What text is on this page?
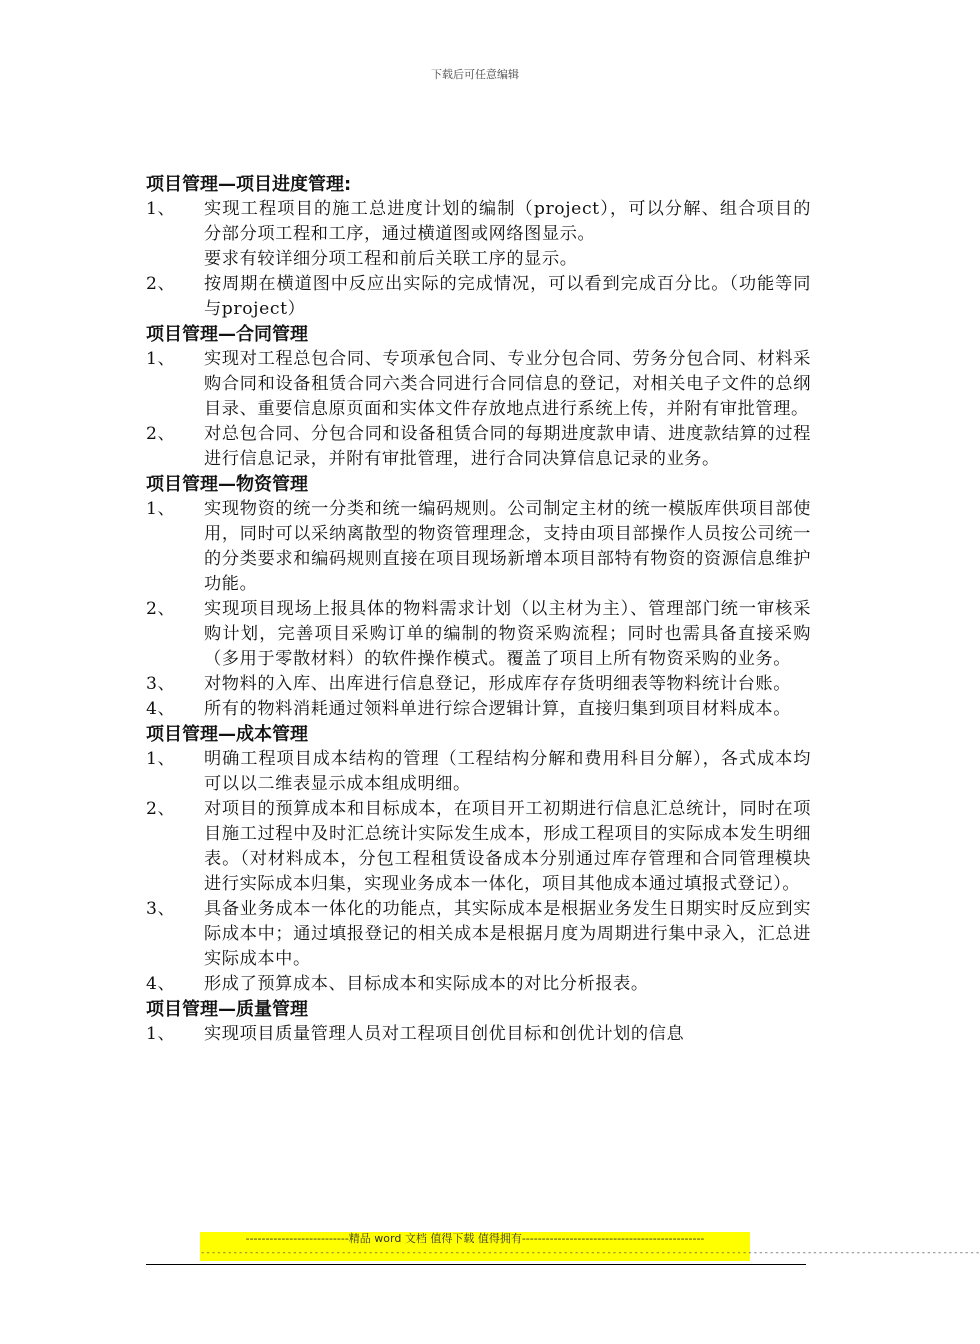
下载后可任意编辑
项目管理—项目进度管理:
1、	实现工程项目的施工总进度计划的编制（project），可以分解、组合项目的分部分项工程和工序，通过横道图或网络图显示。
要求有较详细分项工程和前后关联工序的显示。
2、	按周期在横道图中反应出实际的完成情况，可以看到完成百分比。（功能等同与project）
项目管理—合同管理
1、	实现对工程总包合同、专项承包合同、专业分包合同、劳务分包合同、材料采购合同和设备租赁合同六类合同进行合同信息的登记，对相关电子文件的总纲目录、重要信息原页面和实体文件存放地点进行系统上传，并附有审批管理。
2、	对总包合同、分包合同和设备租赁合同的每期进度款申请、进度款结算的过程进行信息记录，并附有审批管理，进行合同决算信息记录的业务。
项目管理—物资管理
1、	实现物资的统一分类和统一编码规则。公司制定主材的统一模版库供项目部使用，同时可以采纳离散型的物资管理理念，支持由项目部操作人员按公司统一的分类要求和编码规则直接在项目现场新增本项目部特有物资的资源信息维护功能。
2、	实现项目现场上报具体的物料需求计划（以主材为主）、管理部门统一审核采购计划，完善项目采购订单的编制的物资采购流程；同时也需具备直接采购（多用于零散材料）的软件操作模式。覆盖了项目上所有物资采购的业务。
3、	对物料的入库、出库进行信息登记，形成库存存货明细表等物料统计台账。
4、	所有的物料消耗通过领料单进行综合逻辑计算，直接归集到项目材料成本。
项目管理—成本管理
1、	明确工程项目成本结构的管理（工程结构分解和费用科目分解），各式成本均可以以二维表显示成本组成明细。
2、	对项目的预算成本和目标成本，在项目开工初期进行信息汇总统计，同时在项目施工过程中及时汇总统计实际发生成本，形成工程项目的实际成本发生明细表。（对材料成本，分包工程租赁设备成本分别通过库存管理和合同管理模块进行实际成本归集，实现业务成本一体化，项目其他成本通过填报式登记）。
3、	具备业务成本一体化的功能点，其实际成本是根据业务发生日期实时反应到实际成本中；通过填报登记的相关成本是根据月度为周期进行集中录入，汇总进实际成本中。
4、	形成了预算成本、目标成本和实际成本的对比分析报表。
项目管理—质量管理
1、	实现项目质量管理人员对工程项目创优目标和创优计划的信息
--------------------------精品 word 文档 值得下载 值得拥有----------------------------------------------
------------------------------------------------------------------------------------------------------------------------------------------------
